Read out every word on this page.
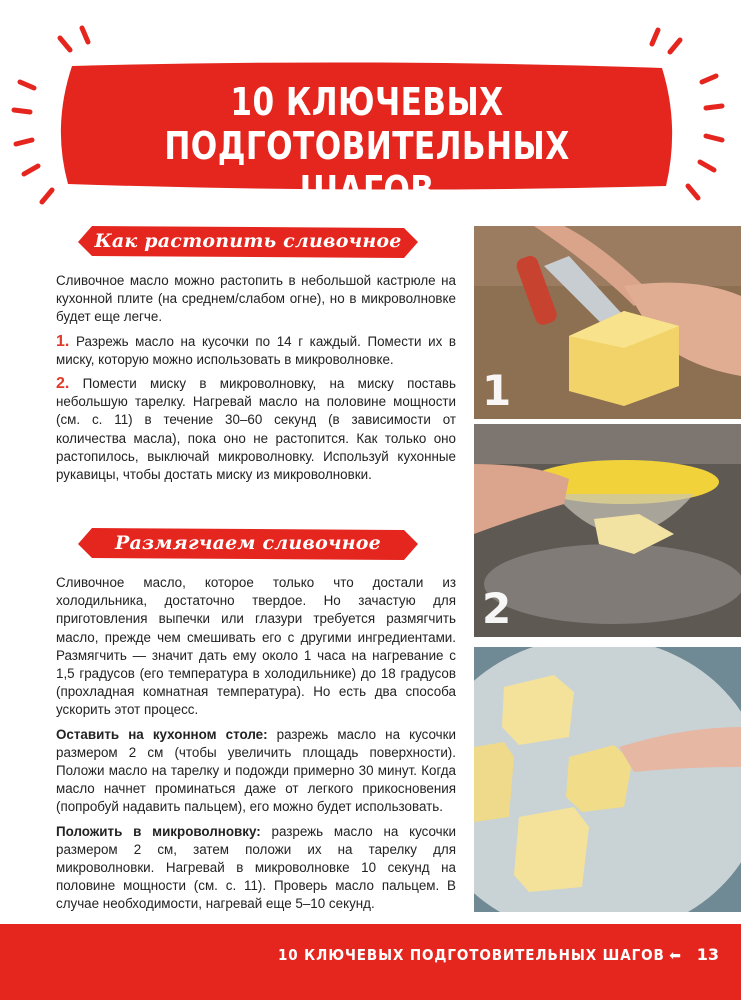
10 КЛЮЧЕВЫХ
ПОДГОТОВИТЕЛЬНЫХ ШАГОВ
Как растопить сливочное масло

Сливочное масло можно растопить в небольшой кастрюле на кухонной плите (на среднем/слабом огне), но в микроволновке будет еще легче.

1. Разрежь масло на кусочки по 14 г каждый. Помести их в миску, которую можно использовать в микроволновке.

2. Помести миску в микроволновку, на миску поставь небольшую тарелку. Нагревай масло на половине мощности (см. с. 11) в течение 30–60 секунд (в зависимости от количества масла), пока оно не растопится. Как только оно растопилось, выключай микроволновку. Используй кухонные рукавицы, чтобы достать миску из микроволновки.

Размягчаем сливочное масло

Сливочное масло, которое только что достали из холодильника, достаточно твердое. Но зачастую для приготовления выпечки или глазури требуется размягчить масло, прежде чем смешивать его с другими ингредиентами. Размягчить — значит дать ему около 1 часа на нагревание с 1,5 градусов (его температура в холодильнике) до 18 градусов (прохладная комнатная температура). Но есть два способа ускорить этот процесс.

Оставить на кухонном столе: разрежь масло на кусочки размером 2 см (чтобы увеличить площадь поверхности). Положи масло на тарелку и подожди примерно 30 минут. Когда масло начнет проминаться даже от легкого прикосновения (попробуй надавить пальцем), его можно будет использовать.

Положить в микроволновку: разрежь масло на кусочки размером 2 см, затем положи их на тарелку для микроволновки. Нагревай в микроволновке 10 секунд на половине мощности (см. с. 11). Проверь масло пальцем. В случае необходимости, нагревай еще 5–10 секунд.

1
2
10 КЛЮЧЕВЫХ ПОДГОТОВИТЕЛЬНЫХ ШАГОВ ⬅ 13
